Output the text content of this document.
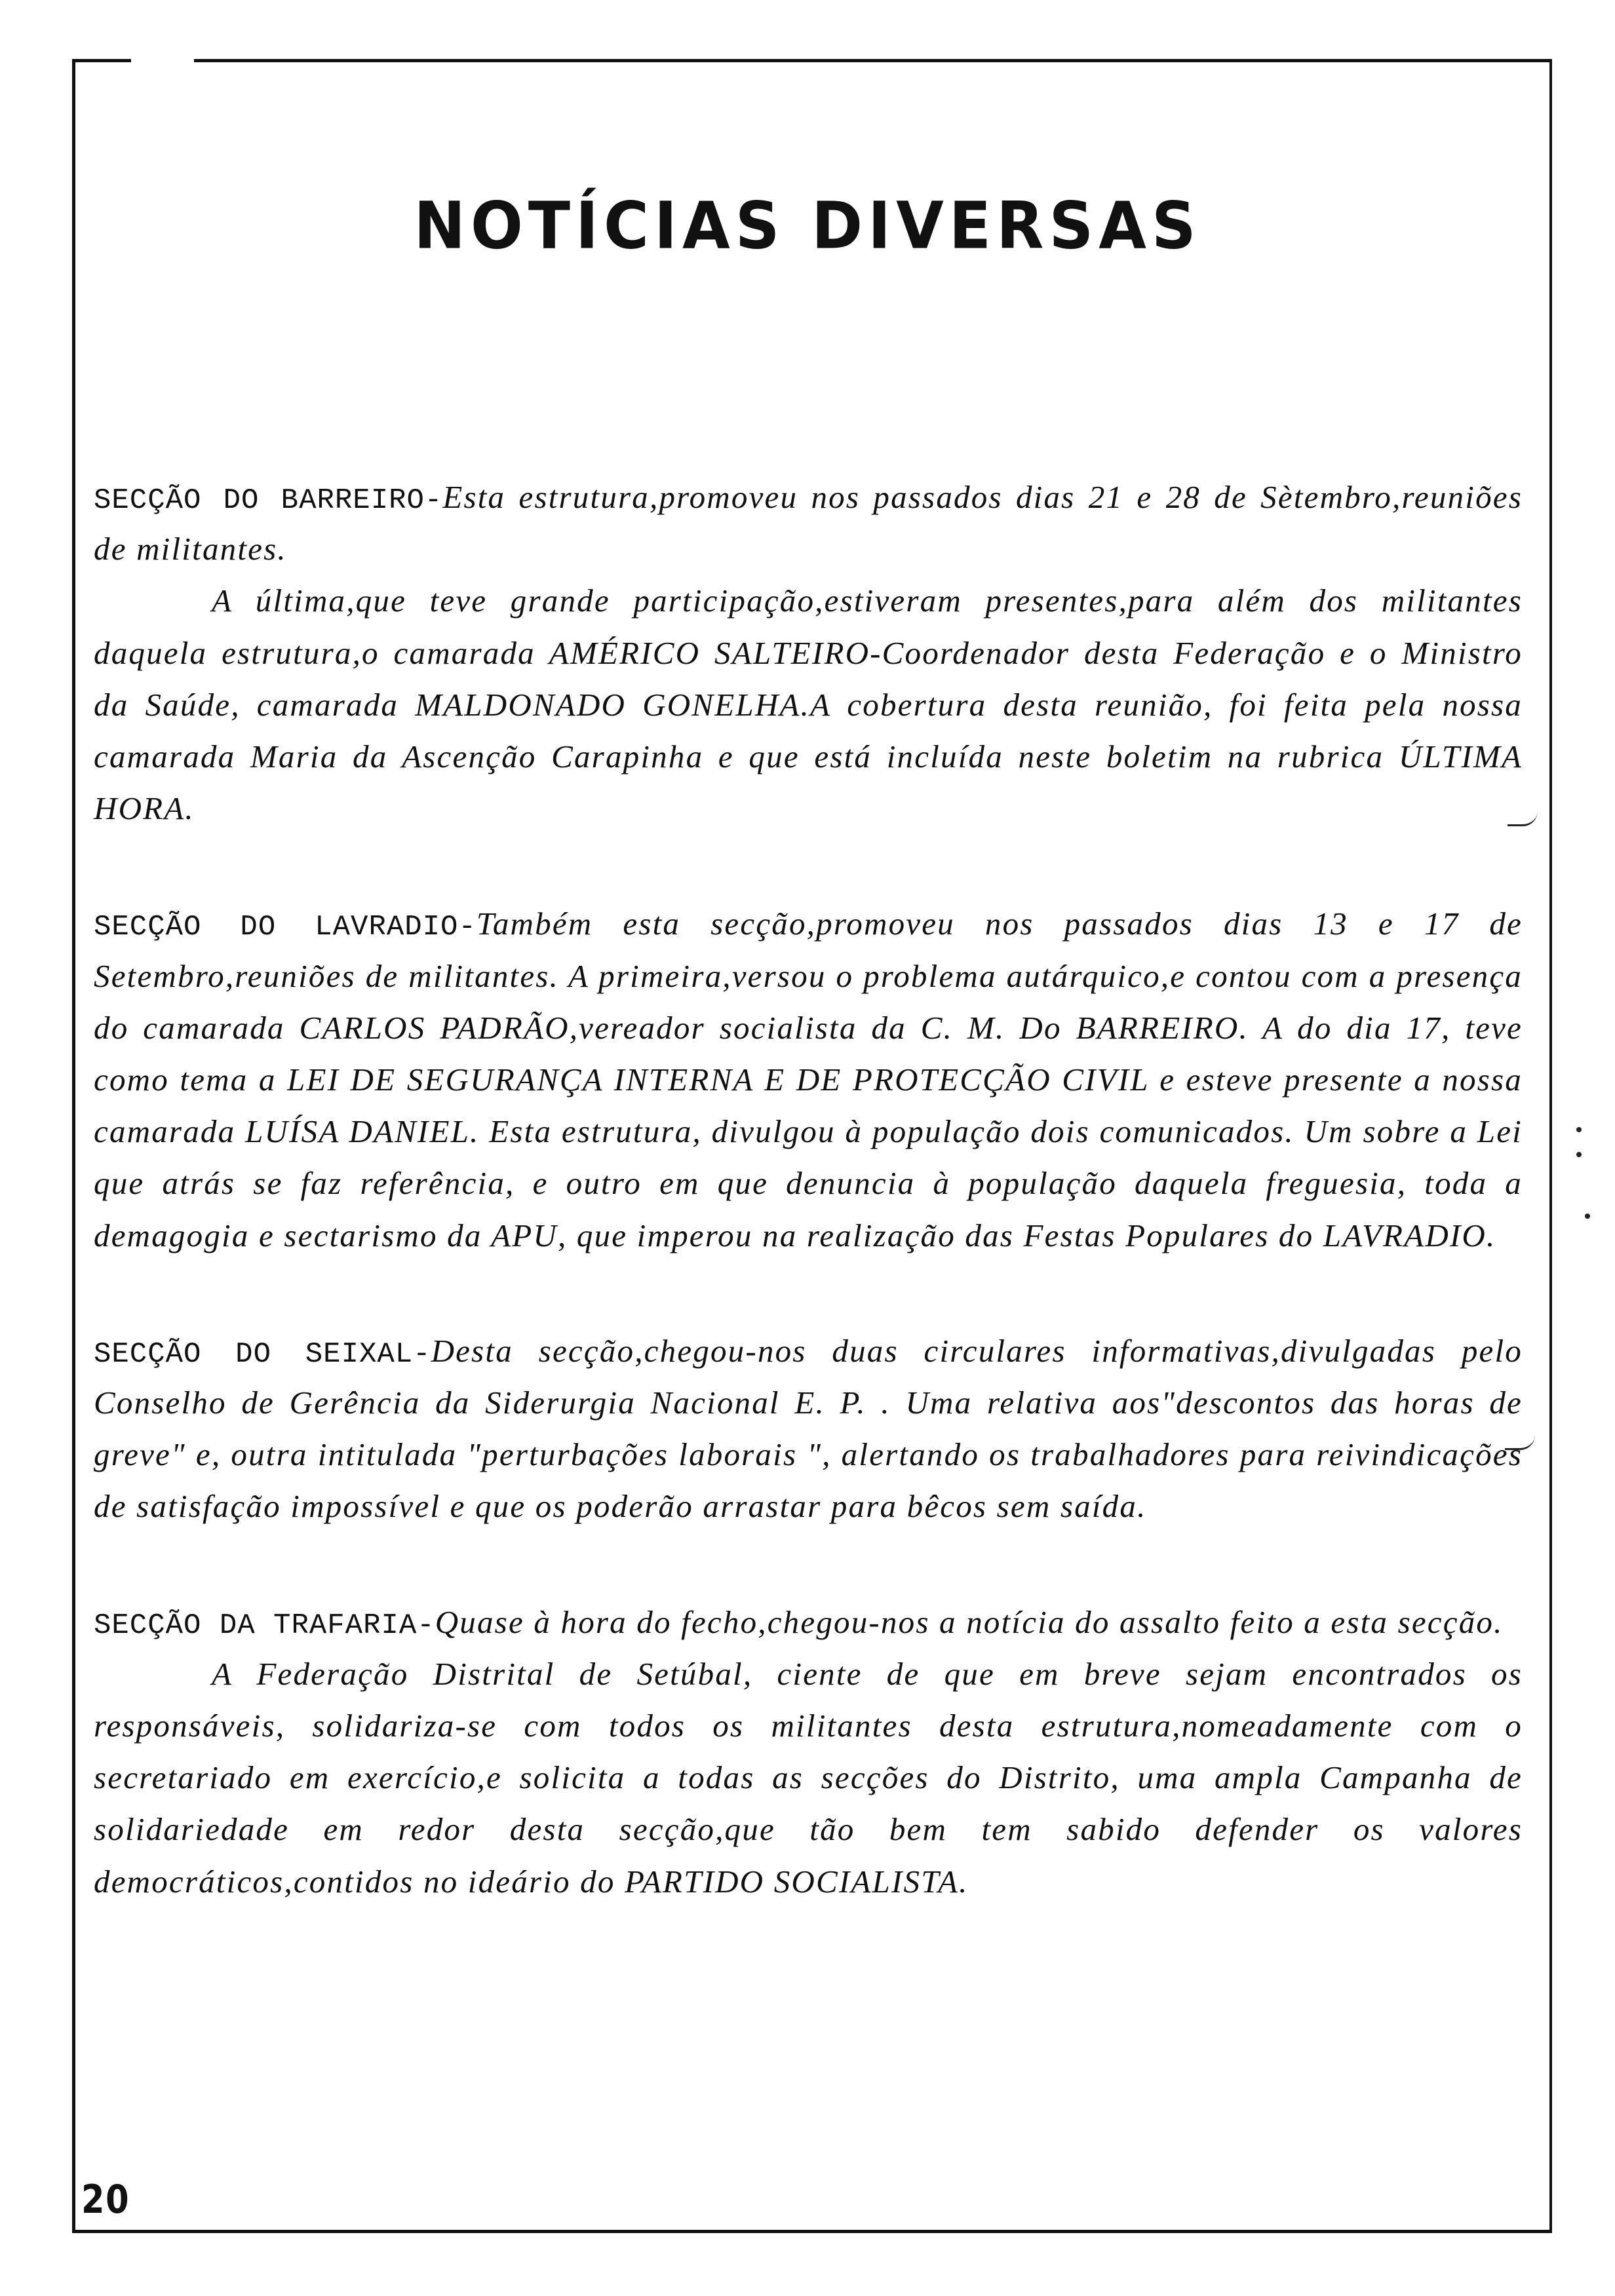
NOTÍCIAS DIVERSAS

SECÇÃO DO BARREIRO-Esta estrutura,promoveu nos passados dias 21 e 28 de Sètembro,reuniões de militantes.

A última,que teve grande participação,estiveram presentes,para além dos militantes daquela estrutura,o camarada AMÉRICO SALTEIRO-Coordenador desta Federação e o Ministro da Saúde, camarada MALDONADO GONELHA.A cobertura desta reunião, foi feita pela nossa camarada Maria da Ascenção Carapinha e que está incluída neste boletim na rubrica ÚLTIMA HORA.

SECÇÃO DO LAVRADIO-Também esta secção,promoveu nos passados dias 13 e 17 de Setembro,reuniões de militantes. A primeira,versou o problema autárquico,e contou com a presença do camarada CARLOS PADRÃO,vereador socialista da C. M. Do BARREIRO. A do dia 17, teve como tema a LEI DE SEGURANÇA INTERNA E DE PROTECÇÃO CIVIL e esteve presente a nossa camarada LUÍSA DANIEL. Esta estrutura, divulgou à população dois comunicados. Um sobre a Lei que atrás se faz referência, e outro em que denuncia à população daquela freguesia, toda a demagogia e sectarismo da APU, que imperou na realização das Festas Populares do LAVRADIO.

SECÇÃO DO SEIXAL-Desta secção,chegou-nos duas circulares informativas,divulgadas pelo Conselho de Gerência da Siderurgia Nacional E. P. . Uma relativa aos"descontos das horas de greve" e, outra intitulada "perturbações laborais ", alertando os trabalhadores para reivindicações de satisfação impossível e que os poderão arrastar para bêcos sem saída.

SECÇÃO DA TRAFARIA-Quase à hora do fecho,chegou-nos a notícia do assalto feito a esta secção.

A Federação Distrital de Setúbal, ciente de que em breve sejam encontrados os responsáveis, solidariza-se com todos os militantes desta estrutura,nomeadamente com o secretariado em exercício,e solicita a todas as secções do Distrito, uma ampla Campanha de solidariedade em redor desta secção,que tão bem tem sabido defender os valores democráticos,contidos no ideário do PARTIDO SOCIALISTA.

20
